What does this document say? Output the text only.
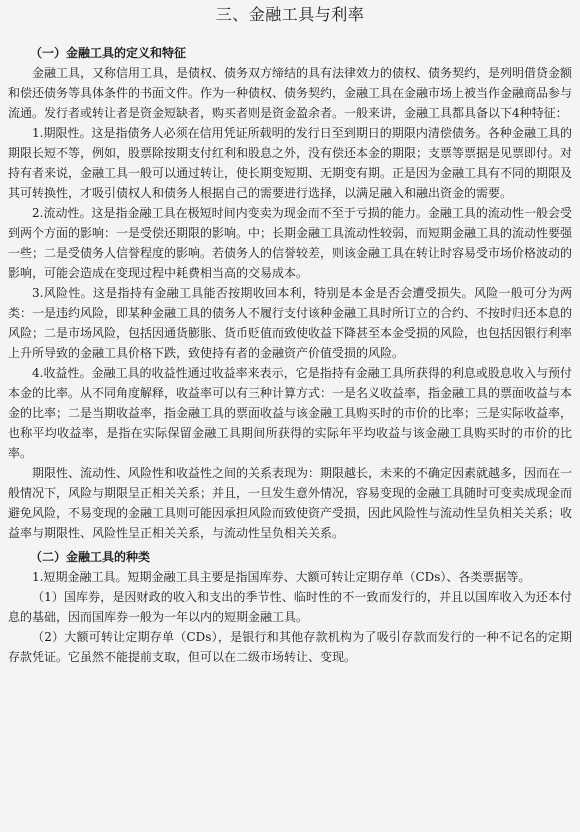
三、金融工具与利率
（一）金融工具的定义和特征

金融工具，又称信用工具，是债权、债务双方缔结的具有法律效力的债权、债务契约，是列明借贷金额和偿还债务等具体条件的书面文件。作为一种债权、债务契约，金融工具在金融市场上被当作金融商品参与流通。发行者或转让者是资金短缺者，购买者则是资金盈余者。一般来讲，金融工具都具备以下4种特征：

1.期限性。这是指债务人必须在信用凭证所载明的发行日至到期日的期限内清偿债务。各种金融工具的期限长短不等，例如，股票除按期支付红利和股息之外，没有偿还本金的期限；支票等票据是见票即付。对持有者来说，金融工具一般可以通过转让，使长期变短期、无期变有期。正是因为金融工具有不同的期限及其可转换性，才吸引债权人和债务人根据自己的需要进行选择，以满足融入和融出资金的需要。

2.流动性。这是指金融工具在极短时间内变卖为现金而不至于亏损的能力。金融工具的流动性一般会受到两个方面的影响：一是受偿还期限的影响。中；长期金融工具流动性较弱，而短期金融工具的流动性要强一些；二是受债务人信誉程度的影响。若债务人的信誉较差，则该金融工具在转让时容易受市场价格波动的影响，可能会造成在变现过程中耗费相当高的交易成本。

3.风险性。这是指持有金融工具能否按期收回本利，特别是本金是否会遭受损失。风险一般可分为两类：一是违约风险，即某种金融工具的债务人不履行支付该种金融工具时所订立的合约、不按时归还本息的风险；二是市场风险，包括因通货膨胀、货币贬值而致使收益下降甚至本金受损的风险，也包括因银行利率上升所导致的金融工具价格下跌，致使持有者的金融资产价值受损的风险。

4.收益性。金融工具的收益性通过收益率来表示，它是指持有金融工具所获得的利息或股息收入与预付本金的比率。从不同角度解释，收益率可以有三种计算方式：一是名义收益率，指金融工具的票面收益与本金的比率；二是当期收益率，指金融工具的票面收益与该金融工具购买时的市价的比率；三是实际收益率，也称平均收益率，是指在实际保留金融工具期间所获得的实际年平均收益与该金融工具购买时的市价的比率。

期限性、流动性、风险性和收益性之间的关系表现为：期限越长，未来的不确定因素就越多，因而在一般情况下，风险与期限呈正相关关系；并且，一旦发生意外情况，容易变现的金融工具随时可变卖成现金而避免风险，不易变现的金融工具则可能因承担风险而致使资产受损，因此风险性与流动性呈负相关关系；收益率与期限性、风险性呈正相关关系，与流动性呈负相关关系。

（二）金融工具的种类

1.短期金融工具。短期金融工具主要是指国库券、大额可转让定期存单（CDs）、各类票据等。

（1）国库券，是因财政的收入和支出的季节性、临时性的不一致而发行的，并且以国库收入为还本付息的基础，因而国库券一般为一年以内的短期金融工具。

（2）大额可转让定期存单（CDs），是银行和其他存款机构为了吸引存款而发行的一种不记名的定期存款凭证。它虽然不能提前支取，但可以在二级市场转让、变现。
